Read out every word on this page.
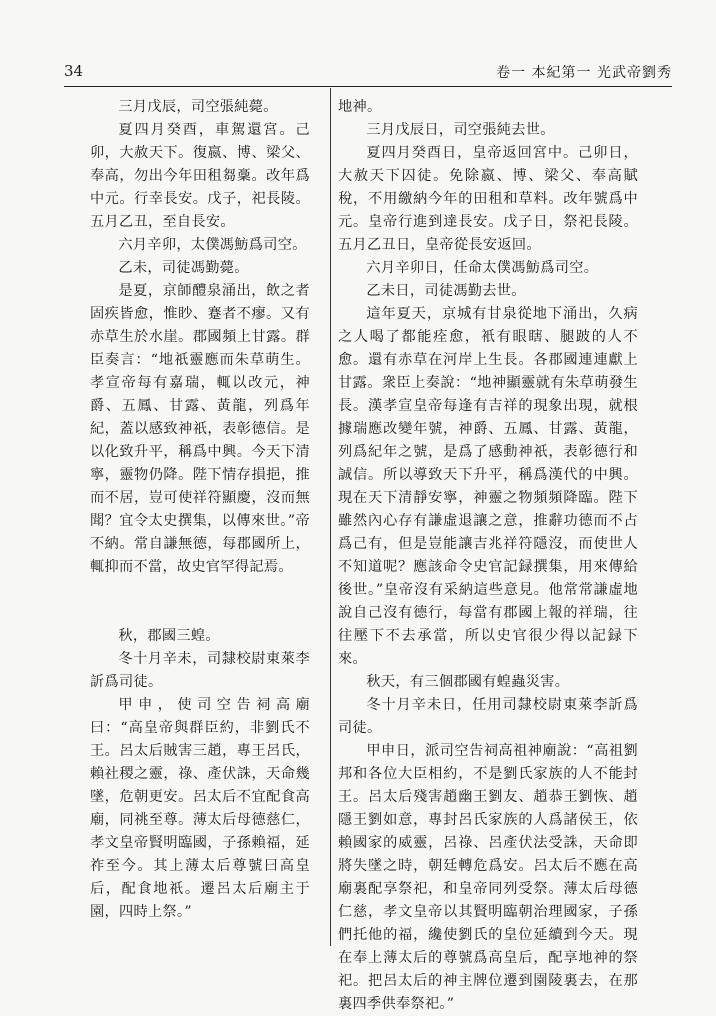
34	卷一 本紀第一 光武帝劉秀

三月戊辰，司空張純薨。

夏四月癸酉，車駕還宮。己卯，大赦天下。復嬴、博、梁父、奉高，勿出今年田租芻稾。改年爲中元。行幸長安。戊子，祀長陵。五月乙丑，至自長安。

六月辛卯，太僕馮魴爲司空。

乙未，司徒馮勤薨。

是夏，京師醴泉涌出，飲之者固疾皆愈，惟眇、蹇者不瘳。又有赤草生於水崖。郡國頻上甘露。群臣奏言：“地祇靈應而朱草萌生。孝宣帝每有嘉瑞，輒以改元，神爵、五鳳、甘露、黃龍，列爲年紀，蓋以感致神祇，表彰德信。是以化致升平，稱爲中興。今天下清寧，靈物仍降。陛下情存損挹，推而不居，豈可使祥符顯慶，沒而無聞？宜令太史撰集，以傳來世。”帝不納。常自謙無德，每郡國所上，輒抑而不當，故史官罕得記焉。

秋，郡國三蝗。

冬十月辛未，司隸校尉東萊李訢爲司徒。

甲申，使司空告祠高廟曰：“高皇帝與群臣約，非劉氏不王。呂太后賊害三趙，專王呂氏，賴社稷之靈，祿、產伏誅，天命幾墜，危朝更安。呂太后不宜配食高廟，同祧至尊。薄太后母德慈仁，孝文皇帝賢明臨國，子孫賴福，延祚至今。其上薄太后尊號曰高皇后，配食地祇。遷呂太后廟主于園，四時上祭。”

地神。

三月戊辰日，司空張純去世。

夏四月癸酉日，皇帝返回宮中。己卯日，大赦天下囚徒。免除嬴、博、梁父、奉高賦稅，不用繳納今年的田租和草料。改年號爲中元。皇帝行進到達長安。戊子日，祭祀長陵。五月乙丑日，皇帝從長安返回。

六月辛卯日，任命太僕馮魴爲司空。

乙未日，司徒馮勤去世。

這年夏天，京城有甘泉從地下涌出，久病之人喝了都能痊愈，衹有眼瞎、腿跛的人不愈。還有赤草在河岸上生長。各郡國連連獻上甘露。衆臣上奏說：“地神顯靈就有朱草萌發生長。漢孝宣皇帝每逢有吉祥的現象出現，就根據瑞應改變年號，神爵、五鳳、甘露、黃龍，列爲紀年之號，是爲了感動神祇，表彰德行和誠信。所以導致天下升平，稱爲漢代的中興。現在天下清靜安寧，神靈之物頻頻降臨。陛下雖然內心存有謙虛退讓之意，推辭功德而不占爲己有，但是豈能讓吉兆祥符隱沒，而使世人不知道呢？應該命令史官記録撰集，用來傳給後世。”皇帝沒有采納這些意見。他常常謙虛地說自己沒有德行，每當有郡國上報的祥瑞，往往壓下不去承當，所以史官很少得以記録下來。

秋天，有三個郡國有蝗蟲災害。

冬十月辛未日，任用司隸校尉東萊李訢爲司徒。

甲申日，派司空告祠高祖神廟說：“高祖劉邦和各位大臣相約，不是劉氏家族的人不能封王。呂太后殘害趙幽王劉友、趙恭王劉恢、趙隱王劉如意，專封呂氏家族的人爲諸侯王，依賴國家的威靈，呂祿、呂產伏法受誅，天命即將失墜之時，朝廷轉危爲安。呂太后不應在高廟裏配享祭祀，和皇帝同列受祭。薄太后母德仁慈，孝文皇帝以其賢明臨朝治理國家，子孫們托他的福，纔使劉氏的皇位延續到今天。現在奉上薄太后的尊號爲高皇后，配享地神的祭祀。把呂太后的神主牌位遷到園陵裏去，在那裏四季供奉祭祀。”
